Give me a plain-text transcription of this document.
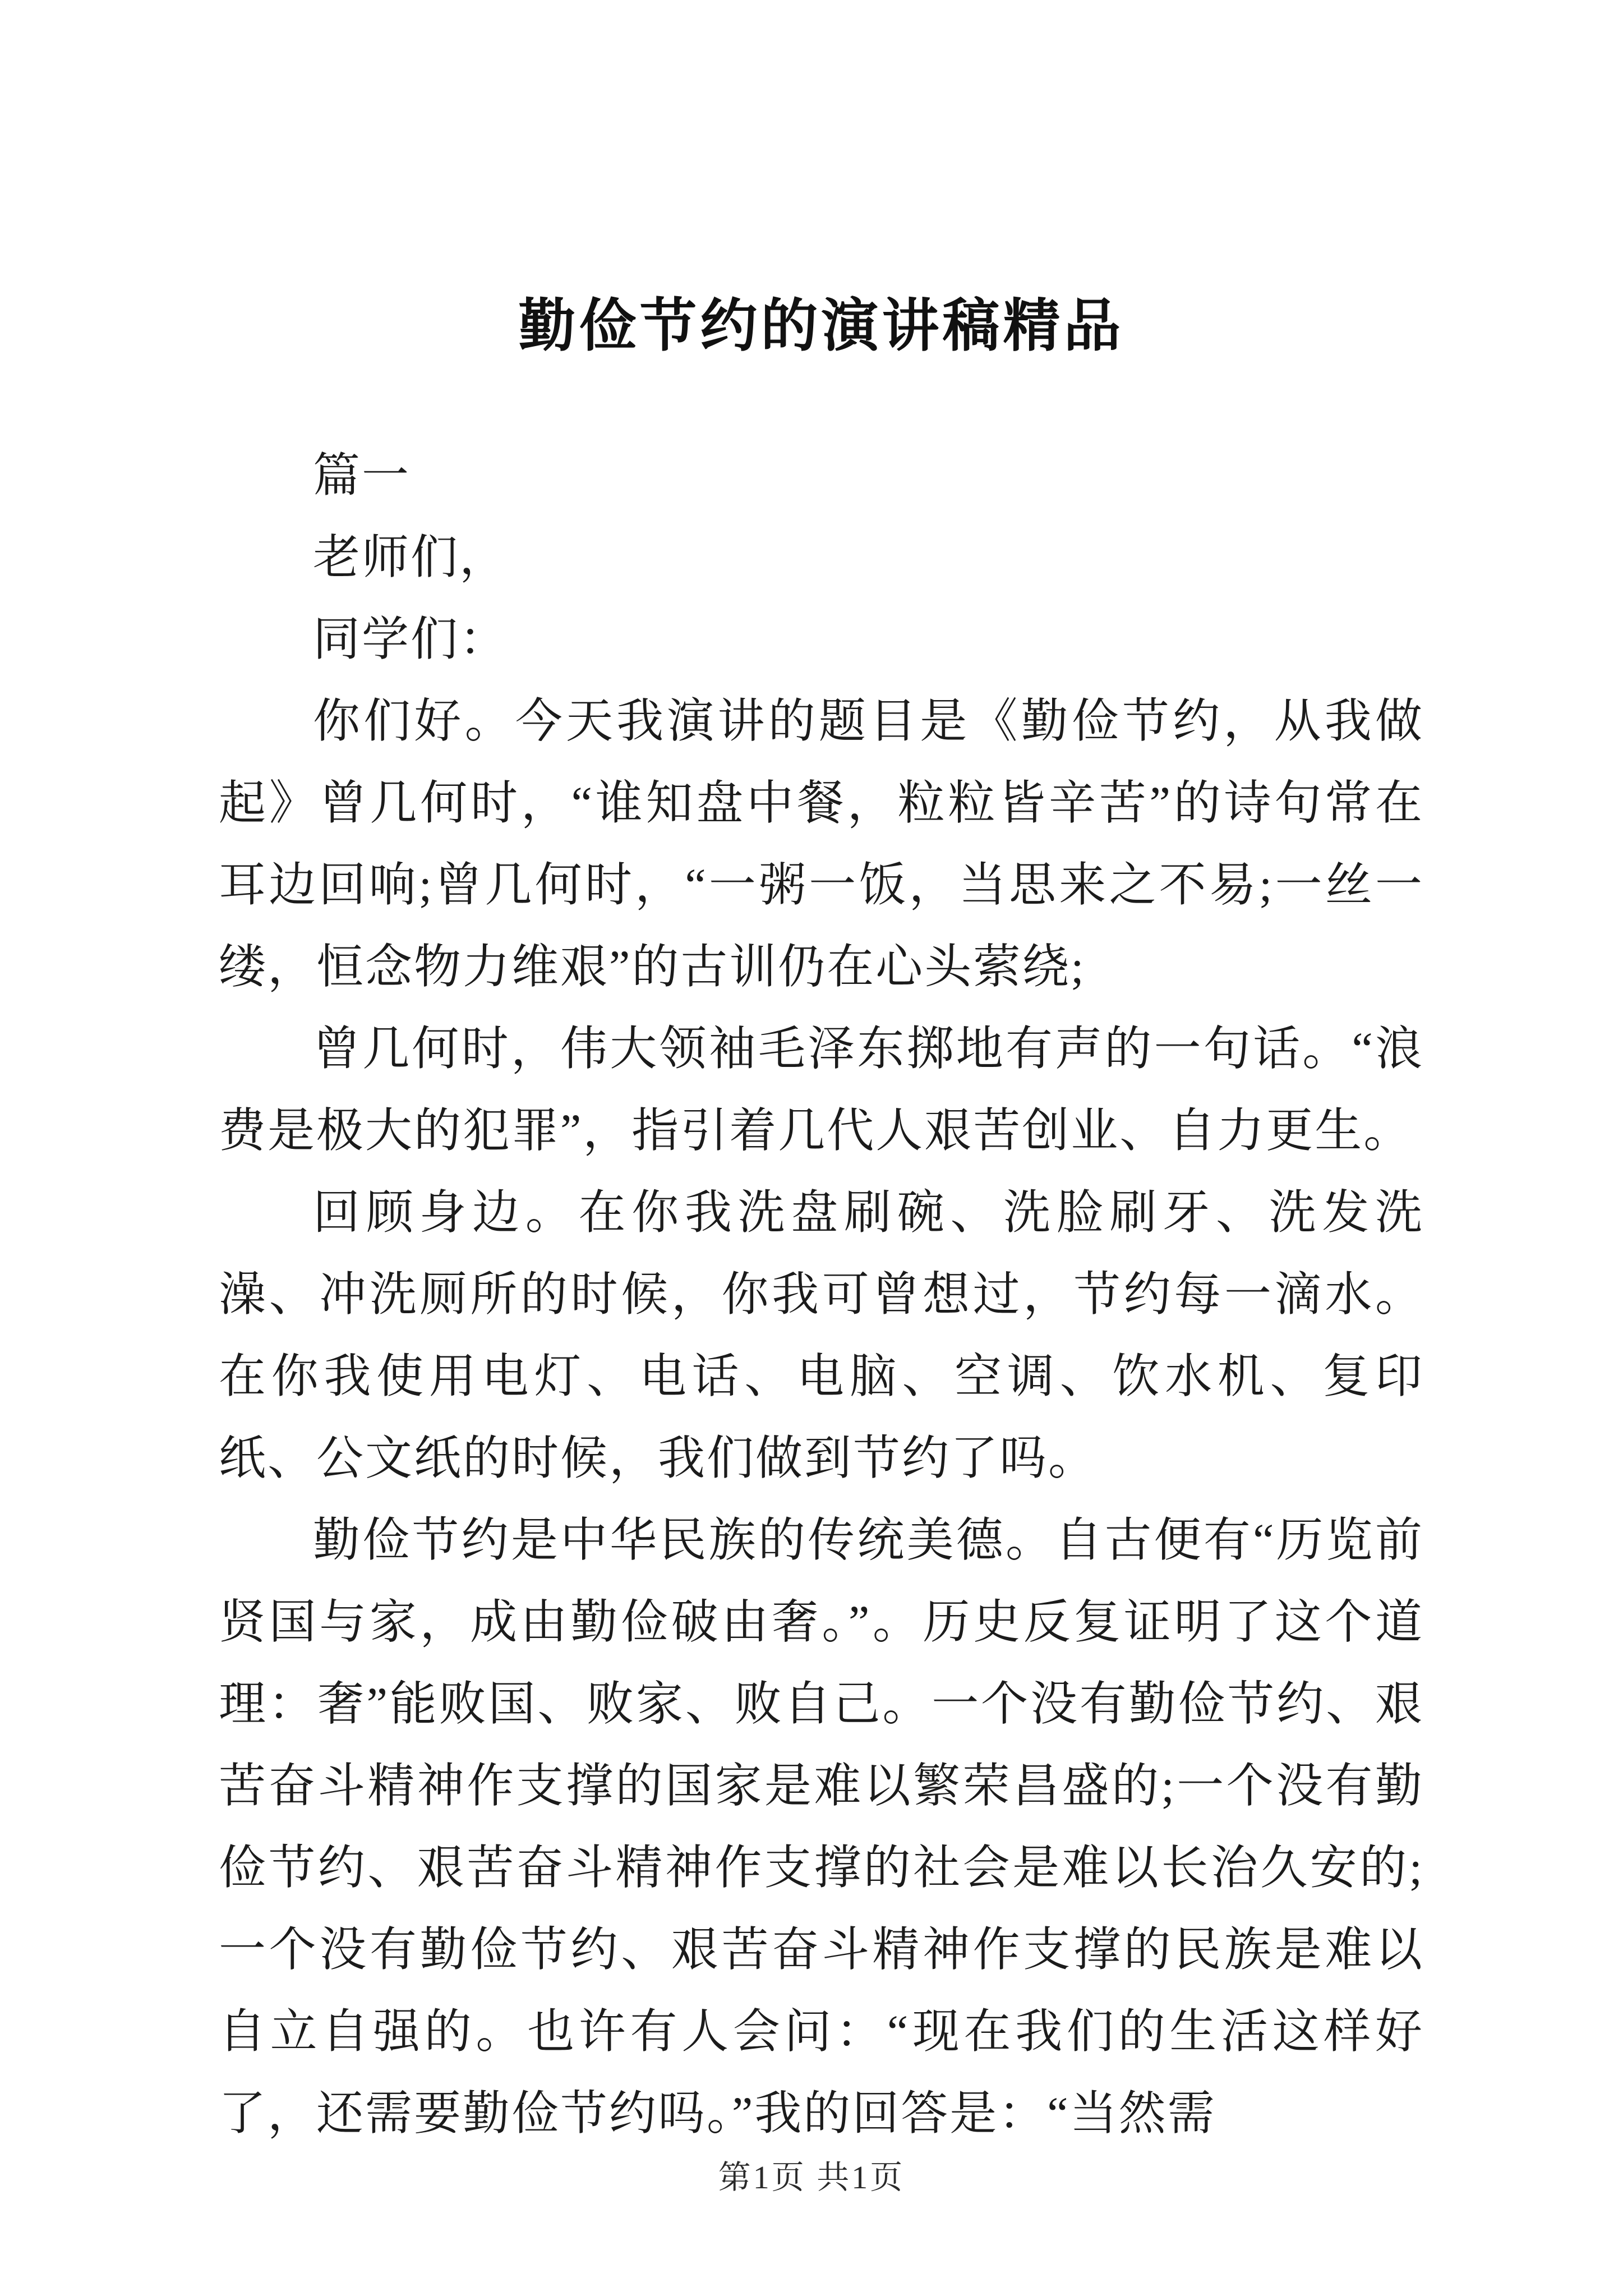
勤俭节约的演讲稿精品

篇一

老师们，

同学们：

你们好。今天我演讲的题目是《勤俭节约，从我做起》曾几何时，“谁知盘中餐，粒粒皆辛苦”的诗句常在耳边回响;曾几何时，“一粥一饭，当思来之不易;一丝一缕，恒念物力维艰”的古训仍在心头萦绕;

曾几何时，伟大领袖毛泽东掷地有声的一句话。“浪费是极大的犯罪”，指引着几代人艰苦创业、自力更生。

回顾身边。在你我洗盘刷碗、洗脸刷牙、洗发洗澡、冲洗厕所的时候，你我可曾想过，节约每一滴水。在你我使用电灯、电话、电脑、空调、饮水机、复印纸、公文纸的时候，我们做到节约了吗。

勤俭节约是中华民族的传统美德。自古便有“历览前贤国与家，成由勤俭破由奢。”。历史反复证明了这个道理：奢”能败国、败家、败自己。一个没有勤俭节约、艰苦奋斗精神作支撑的国家是难以繁荣昌盛的;一个没有勤俭节约、艰苦奋斗精神作支撑的社会是难以长治久安的;一个没有勤俭节约、艰苦奋斗精神作支撑的民族是难以自立自强的。也许有人会问：“现在我们的生活这样好了，还需要勤俭节约吗。”我的回答是：“当然需

第1页 共1页
